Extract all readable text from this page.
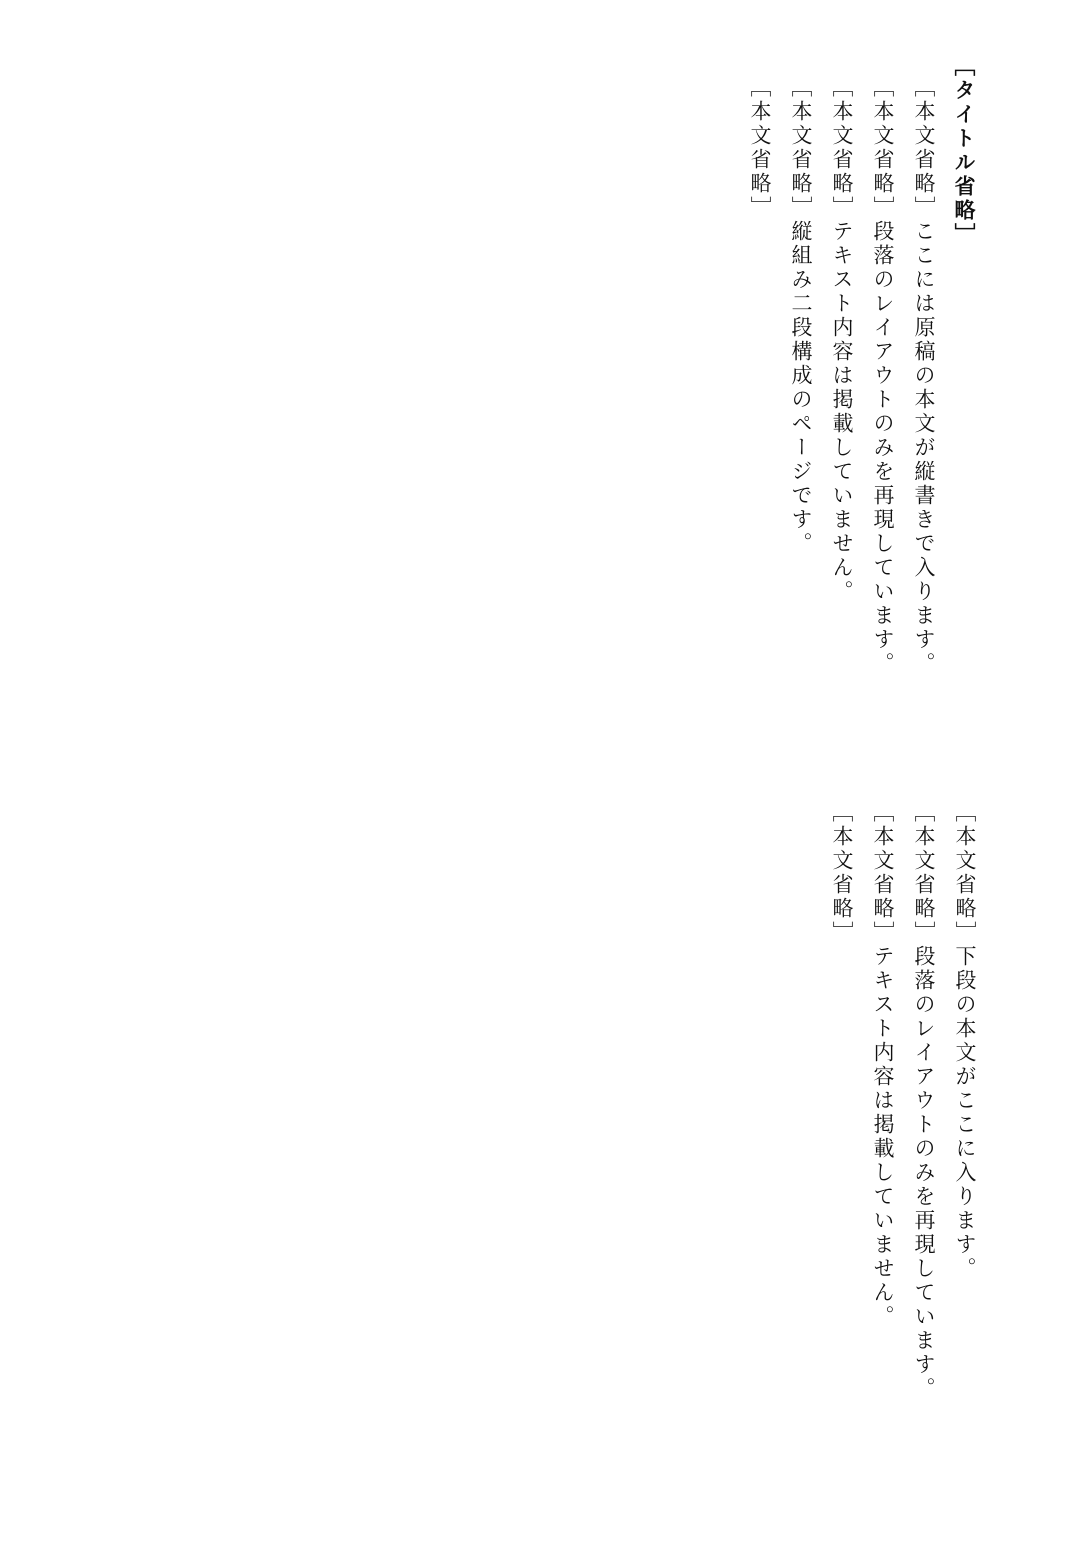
［タイトル省略］

［本文省略］ここには原稿の本文が縦書きで入ります。

［本文省略］段落のレイアウトのみを再現しています。

［本文省略］テキスト内容は掲載していません。

［本文省略］縦組み二段構成のページです。

［本文省略］

［本文省略］下段の本文がここに入ります。

［本文省略］段落のレイアウトのみを再現しています。

［本文省略］テキスト内容は掲載していません。

［本文省略］
